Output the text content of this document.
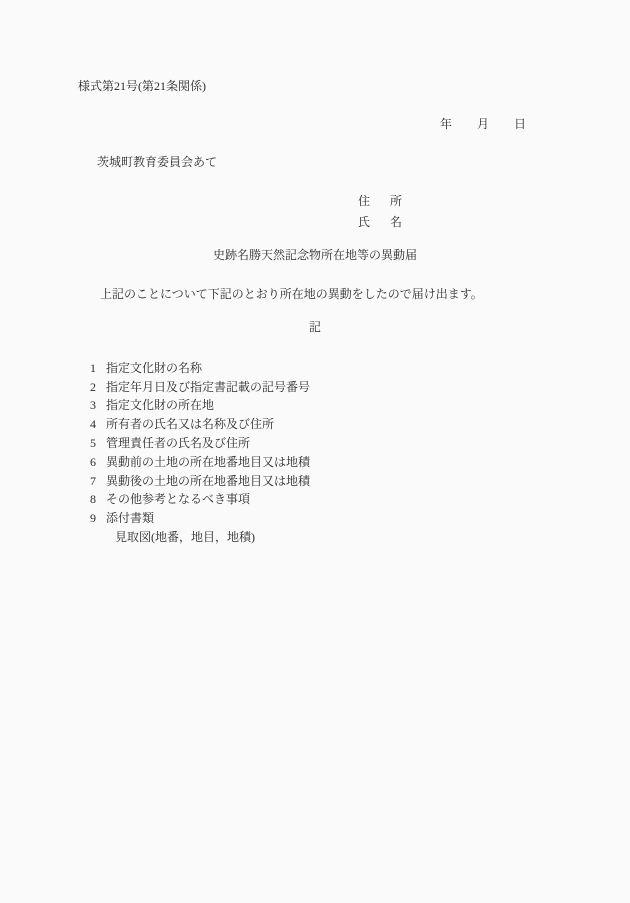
様式第21号(第21条関係)
年 月 日
茨城町教育委員会あて
住　所
氏　名
史跡名勝天然記念物所在地等の異動届
上記のことについて下記のとおり所在地の異動をしたので届け出ます。
記
1 指定文化財の名称
2 指定年月日及び指定書記載の記号番号
3 指定文化財の所在地
4 所有者の氏名又は名称及び住所
5 管理責任者の氏名及び住所
6 異動前の土地の所在地番地目又は地積
7 異動後の土地の所在地番地目又は地積
8 その他参考となるべき事項
9 添付書類
見取図(地番，地目，地積)
